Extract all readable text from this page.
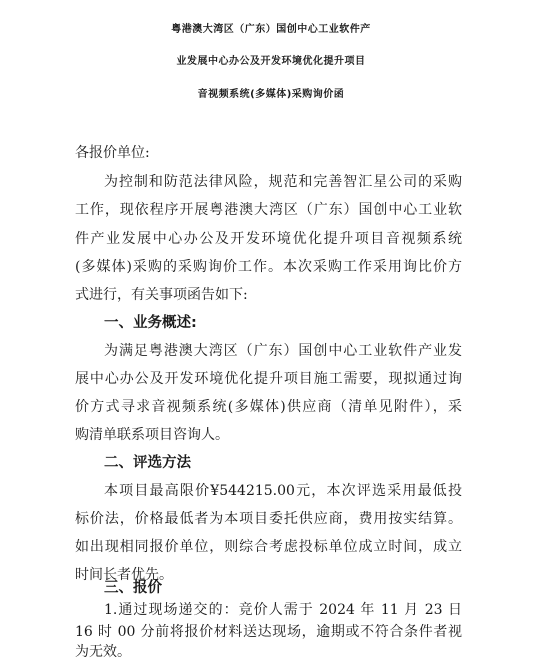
粤港澳大湾区（广东）国创中心工业软件产
业发展中心办公及开发环境优化提升项目
音视频系统(多媒体)采购询价函
各报价单位:
为控制和防范法律风险，规范和完善智汇星公司的采购
工作，现依程序开展粤港澳大湾区（广东）国创中心工业软
件产业发展中心办公及开发环境优化提升项目音视频系统
(多媒体)采购的采购询价工作。本次采购工作采用询比价方
式进行，有关事项函告如下:
一、业务概述:
为满足粤港澳大湾区（广东）国创中心工业软件产业发
展中心办公及开发环境优化提升项目施工需要，现拟通过询
价方式寻求音视频系统(多媒体)供应商（清单见附件），采
购清单联系项目咨询人。
二、评选方法
本项目最高限价¥544215.00元，本次评选采用最低投
标价法，价格最低者为本项目委托供应商，费用按实结算。
如出现相同报价单位，则综合考虑投标单位成立时间，成立
时间长者优先。
三、报价
1.通过现场递交的：竞价人需于 2024 年 11 月 23 日
16 时 00 分前将报价材料送达现场，逾期或不符合条件者视
为无效。
